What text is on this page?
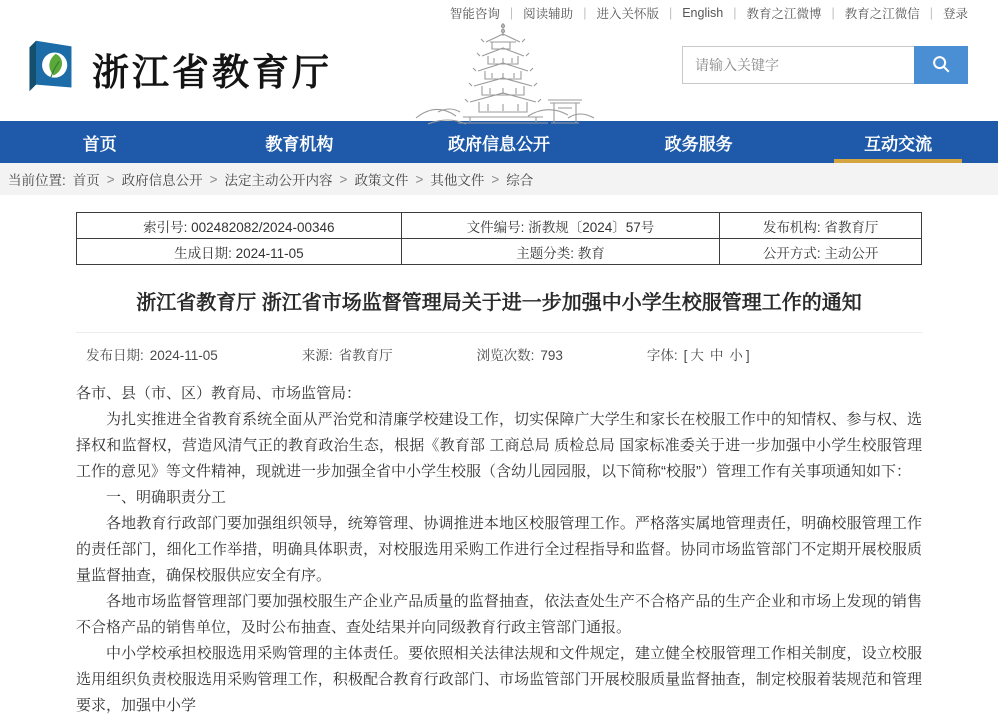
智能咨询 | 阅读辅助 | 进入关怀版 | English | 教育之江微博 | 教育之江微信 | 登录
浙江省教育厅
请输入关键字
首页	教育机构	政府信息公开	政务服务	互动交流
当前位置: 首页 > 政府信息公开 > 法定主动公开内容 > 政策文件 > 其他文件 > 综合
索引号: 002482082/2024-00346	文件编号: 浙教规〔2024〕57号	发布机构: 省教育厅
生成日期: 2024-11-05	主题分类: 教育	公开方式: 主动公开
浙江省教育厅 浙江省市场监督管理局关于进一步加强中小学生校服管理工作的通知
发布日期: 2024-11-05	来源: 省教育厅	浏览次数: 793	字体: [ 大 中 小 ]

各市、县（市、区）教育局、市场监管局：

为扎实推进全省教育系统全面从严治党和清廉学校建设工作，切实保障广大学生和家长在校服工作中的知情权、参与权、选择权和监督权，营造风清气正的教育政治生态，根据《教育部 工商总局 质检总局 国家标准委关于进一步加强中小学生校服管理工作的意见》等文件精神，现就进一步加强全省中小学生校服（含幼儿园园服，以下简称“校服”）管理工作有关事项通知如下：

一、明确职责分工

各地教育行政部门要加强组织领导，统筹管理、协调推进本地区校服管理工作。严格落实属地管理责任，明确校服管理工作的责任部门，细化工作举措，明确具体职责，对校服选用采购工作进行全过程指导和监督。协同市场监管部门不定期开展校服质量监督抽查，确保校服供应安全有序。

各地市场监督管理部门要加强校服生产企业产品质量的监督抽查，依法查处生产不合格产品的生产企业和市场上发现的销售不合格产品的销售单位，及时公布抽查、查处结果并向同级教育行政主管部门通报。

中小学校承担校服选用采购管理的主体责任。要依照相关法律法规和文件规定，建立健全校服管理工作相关制度，设立校服选用组织负责校服选用采购管理工作，积极配合教育行政部门、市场监管部门开展校服质量监督抽查，制定校服着装规范和管理要求，加强中小学
